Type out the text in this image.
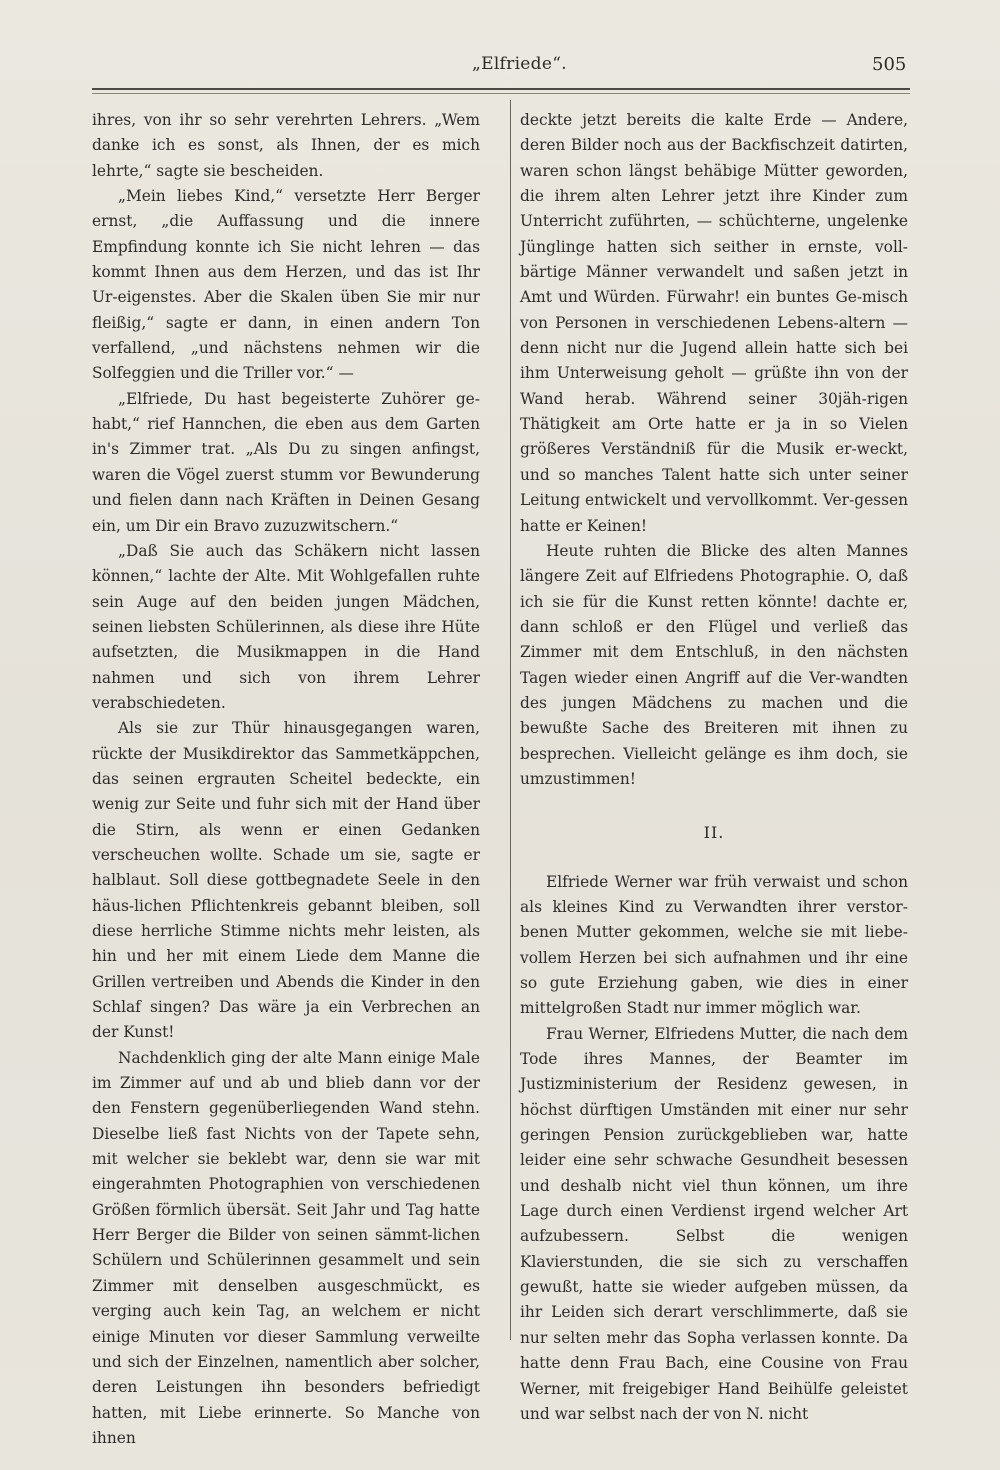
„Elfriede“.	505

ihres, von ihr so sehr verehrten Lehrers. „Wem danke ich es sonst, als Ihnen, der es mich lehrte,“ sagte sie bescheiden.

„Mein liebes Kind,“ versetzte Herr Berger ernst, „die Auffassung und die innere Empfindung konnte ich Sie nicht lehren — das kommt Ihnen aus dem Herzen, und das ist Ihr Ur-eigenstes. Aber die Skalen üben Sie mir nur fleißig,“ sagte er dann, in einen andern Ton verfallend, „und nächstens nehmen wir die Solfeggien und die Triller vor.“ —

„Elfriede, Du hast begeisterte Zuhörer ge-habt,“ rief Hannchen, die eben aus dem Garten in's Zimmer trat. „Als Du zu singen anfingst, waren die Vögel zuerst stumm vor Bewunderung und fielen dann nach Kräften in Deinen Gesang ein, um Dir ein Bravo zuzuzwitschern.“

„Daß Sie auch das Schäkern nicht lassen können,“ lachte der Alte. Mit Wohlgefallen ruhte sein Auge auf den beiden jungen Mädchen, seinen liebsten Schülerinnen, als diese ihre Hüte aufsetzten, die Musikmappen in die Hand nahmen und sich von ihrem Lehrer verabschiedeten.

Als sie zur Thür hinausgegangen waren, rückte der Musikdirektor das Sammetkäppchen, das seinen ergrauten Scheitel bedeckte, ein wenig zur Seite und fuhr sich mit der Hand über die Stirn, als wenn er einen Gedanken verscheuchen wollte. Schade um sie, sagte er halblaut. Soll diese gottbegnadete Seele in den häus-lichen Pflichtenkreis gebannt bleiben, soll diese herrliche Stimme nichts mehr leisten, als hin und her mit einem Liede dem Manne die Grillen vertreiben und Abends die Kinder in den Schlaf singen? Das wäre ja ein Verbrechen an der Kunst!

Nachdenklich ging der alte Mann einige Male im Zimmer auf und ab und blieb dann vor der den Fenstern gegenüberliegenden Wand stehn. Dieselbe ließ fast Nichts von der Tapete sehn, mit welcher sie beklebt war, denn sie war mit eingerahmten Photographien von verschiedenen Größen förmlich übersät. Seit Jahr und Tag hatte Herr Berger die Bilder von seinen sämmt-lichen Schülern und Schülerinnen gesammelt und sein Zimmer mit denselben ausgeschmückt, es verging auch kein Tag, an welchem er nicht einige Minuten vor dieser Sammlung verweilte und sich der Einzelnen, namentlich aber solcher, deren Leistungen ihn besonders befriedigt hatten, mit Liebe erinnerte. So Manche von ihnen

deckte jetzt bereits die kalte Erde — Andere, deren Bilder noch aus der Backfischzeit datirten, waren schon längst behäbige Mütter geworden, die ihrem alten Lehrer jetzt ihre Kinder zum Unterricht zuführten, — schüchterne, ungelenke Jünglinge hatten sich seither in ernste, voll-bärtige Männer verwandelt und saßen jetzt in Amt und Würden. Fürwahr! ein buntes Ge-misch von Personen in verschiedenen Lebens-altern — denn nicht nur die Jugend allein hatte sich bei ihm Unterweisung geholt — grüßte ihn von der Wand herab. Während seiner 30jäh-rigen Thätigkeit am Orte hatte er ja in so Vielen größeres Verständniß für die Musik er-weckt, und so manches Talent hatte sich unter seiner Leitung entwickelt und vervollkommt. Ver-gessen hatte er Keinen!

Heute ruhten die Blicke des alten Mannes längere Zeit auf Elfriedens Photographie. O, daß ich sie für die Kunst retten könnte! dachte er, dann schloß er den Flügel und verließ das Zimmer mit dem Entschluß, in den nächsten Tagen wieder einen Angriff auf die Ver-wandten des jungen Mädchens zu machen und die bewußte Sache des Breiteren mit ihnen zu besprechen. Vielleicht gelänge es ihm doch, sie umzustimmen!

II.

Elfriede Werner war früh verwaist und schon als kleines Kind zu Verwandten ihrer verstor-benen Mutter gekommen, welche sie mit liebe-vollem Herzen bei sich aufnahmen und ihr eine so gute Erziehung gaben, wie dies in einer mittelgroßen Stadt nur immer möglich war.

Frau Werner, Elfriedens Mutter, die nach dem Tode ihres Mannes, der Beamter im Justizministerium der Residenz gewesen, in höchst dürftigen Umständen mit einer nur sehr geringen Pension zurückgeblieben war, hatte leider eine sehr schwache Gesundheit besessen und deshalb nicht viel thun können, um ihre Lage durch einen Verdienst irgend welcher Art aufzubessern. Selbst die wenigen Klavierstunden, die sie sich zu verschaffen gewußt, hatte sie wieder aufgeben müssen, da ihr Leiden sich derart verschlimmerte, daß sie nur selten mehr das Sopha verlassen konnte. Da hatte denn Frau Bach, eine Cousine von Frau Werner, mit freigebiger Hand Beihülfe geleistet und war selbst nach der von N. nicht
